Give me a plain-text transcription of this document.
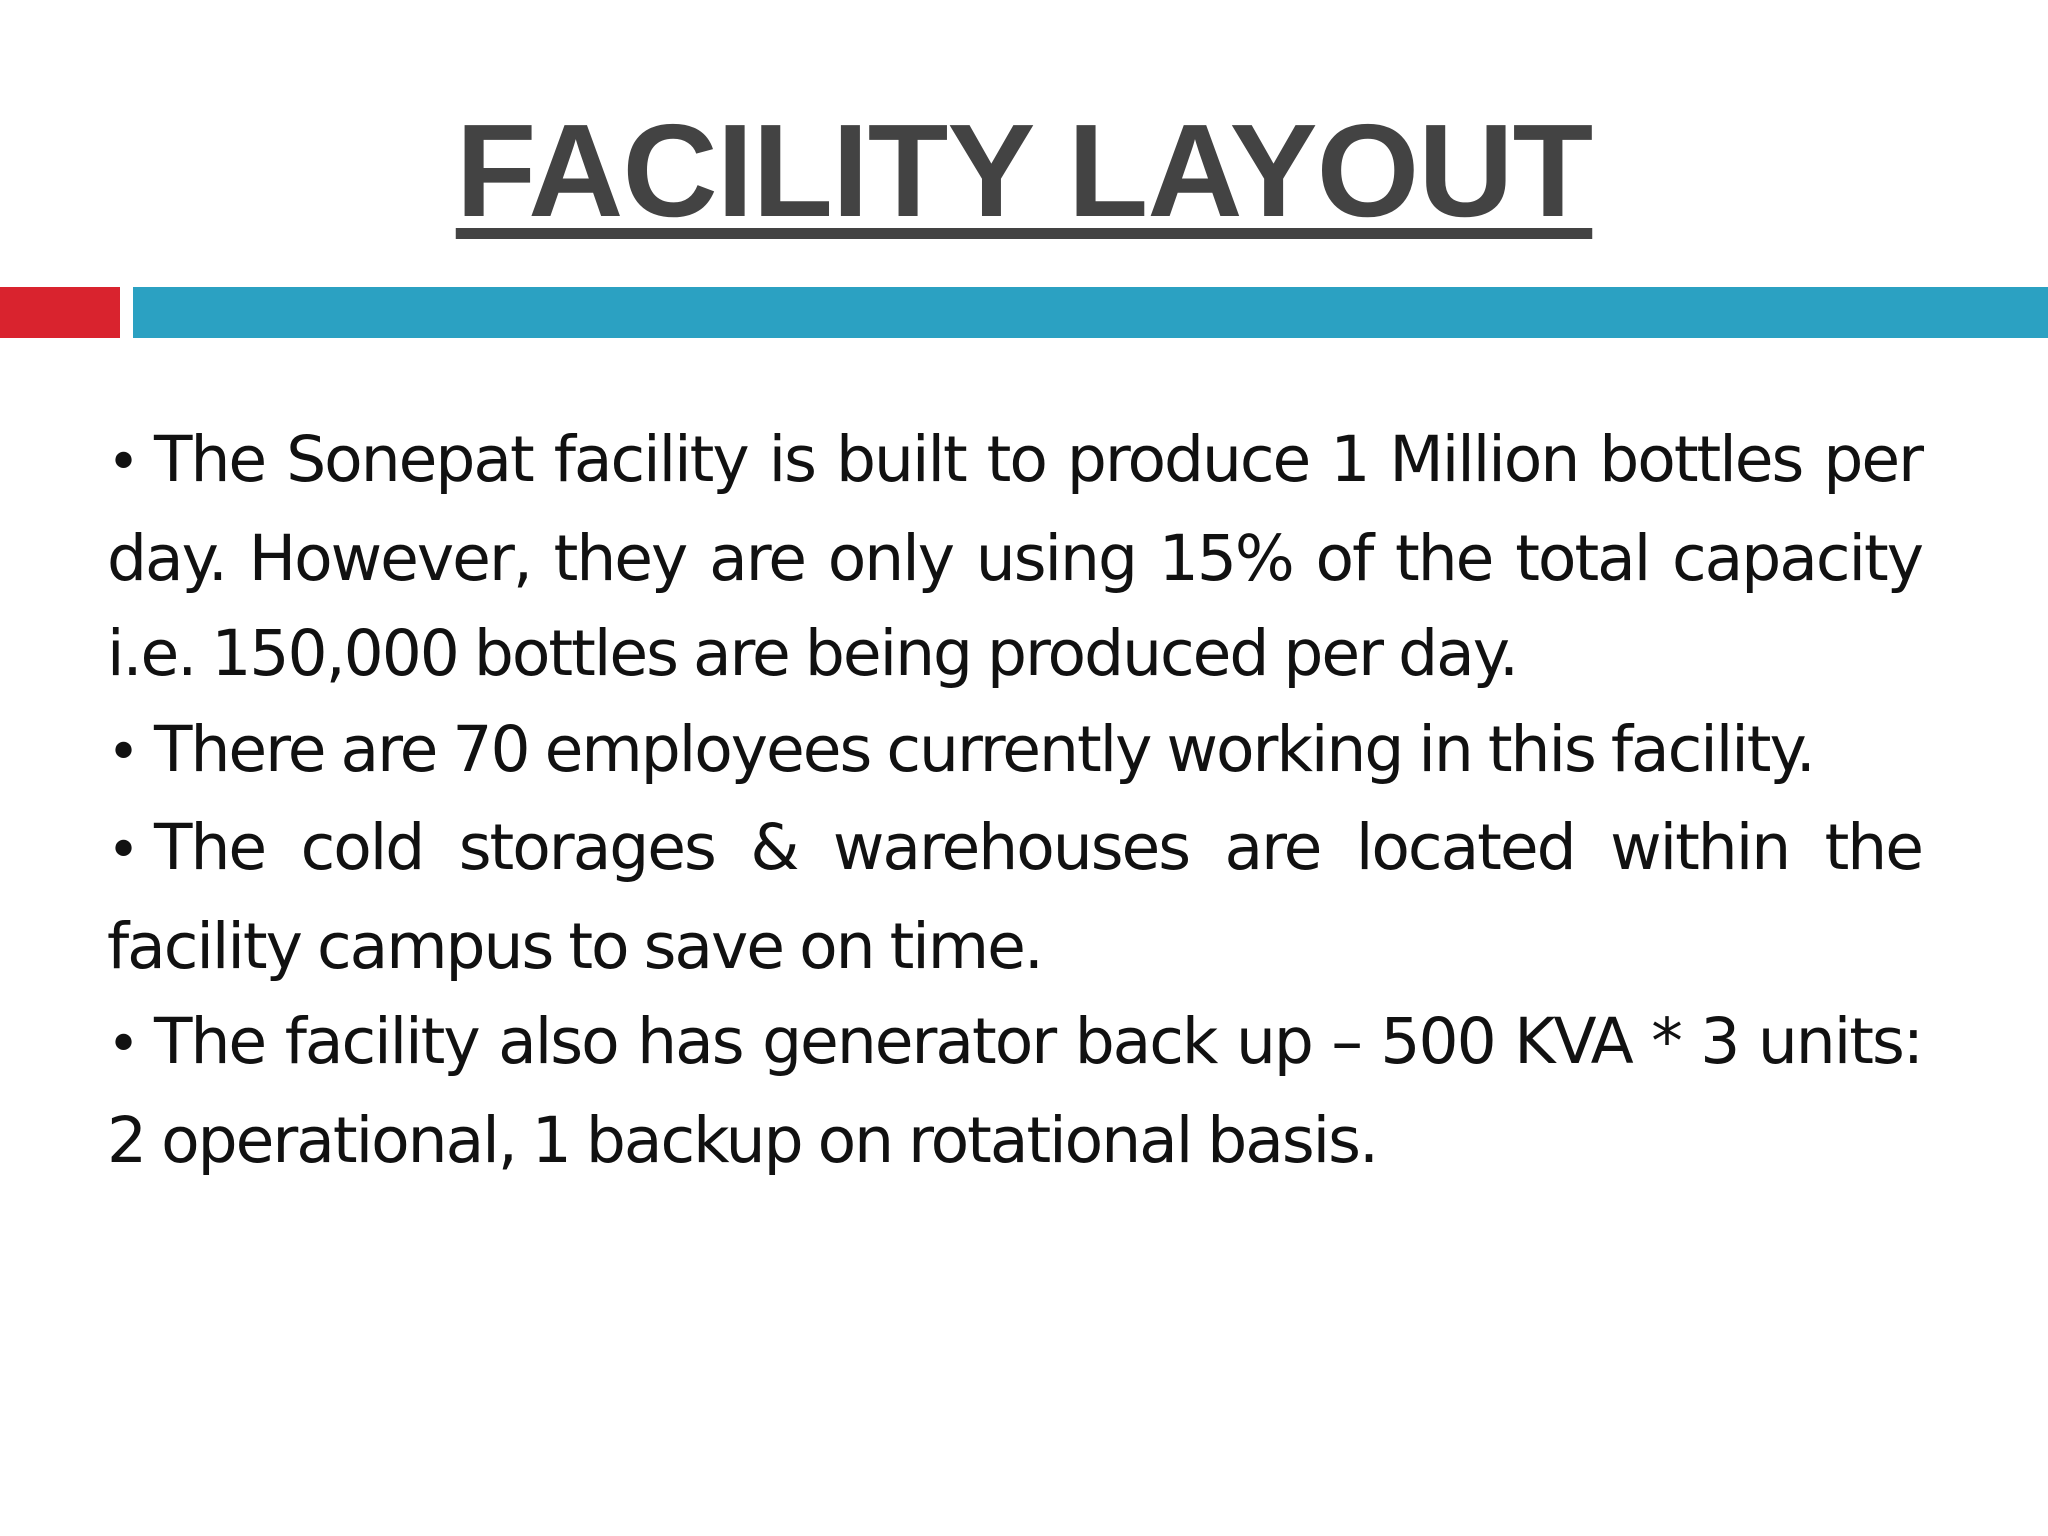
FACILITY LAYOUT
• The Sonepat facility is built to produce 1 Million bottles per day. However, they are only using 15% of the total capacity i.e. 150,000 bottles are being produced per day.
• There are 70 employees currently working in this facility.
• The cold storages & warehouses are located within the facility campus to save on time.
• The facility also has generator back up – 500 KVA * 3 units: 2 operational, 1 backup on rotational basis.
